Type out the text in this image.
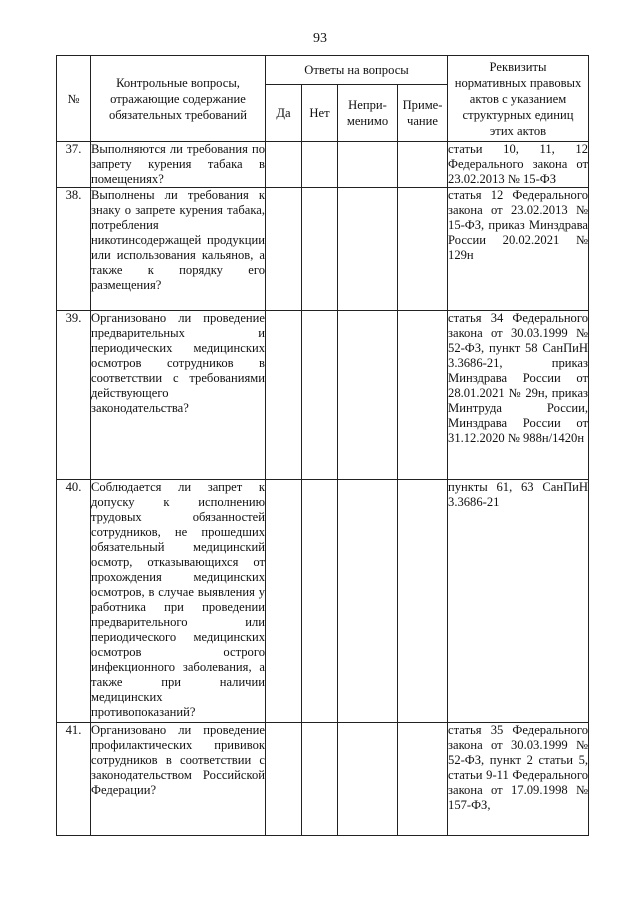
93
№	Контрольные вопросы, отражающие содержание обязательных требований	Ответы на вопросы				Реквизиты нормативных правовых актов с указанием структурных единиц этих актов
		Да	Нет	Непри-менимо	Приме-чание	
37.	Выполняются ли требования по запрету курения табака в помещениях?					статьи 10, 11, 12 Федерального закона от 23.02.2013 № 15-ФЗ
38.	Выполнены ли требования к знаку о запрете курения табака, потребления никотинсодержащей продукции или использования кальянов, а также к порядку его размещения?					статья 12 Федерального закона от 23.02.2013 № 15-ФЗ, приказ Минздрава России 20.02.2021 № 129н
39.	Организовано ли проведение предварительных и периодических медицинских осмотров сотрудников в соответствии с требованиями действующего законодательства?					статья 34 Федерального закона от 30.03.1999 № 52-ФЗ, пункт 58 СанПиН 3.3686-21, приказ Минздрава России от 28.01.2021 № 29н, приказ Минтруда России, Минздрава России от 31.12.2020 № 988н/1420н
40.	Соблюдается ли запрет к допуску к исполнению трудовых обязанностей сотрудников, не прошедших обязательный медицинский осмотр, отказывающихся от прохождения медицинских осмотров, в случае выявления у работника при проведении предварительного или периодического медицинских осмотров острого инфекционного заболевания, а также при наличии медицинских противопоказаний?					пункты 61, 63 СанПиН 3.3686-21
41.	Организовано ли проведение профилактических прививок сотрудников в соответствии с законодательством Российской Федерации?					статья 35 Федерального закона от 30.03.1999 № 52-ФЗ, пункт 2 статьи 5, статьи 9-11 Федерального закона от 17.09.1998 № 157-ФЗ,
